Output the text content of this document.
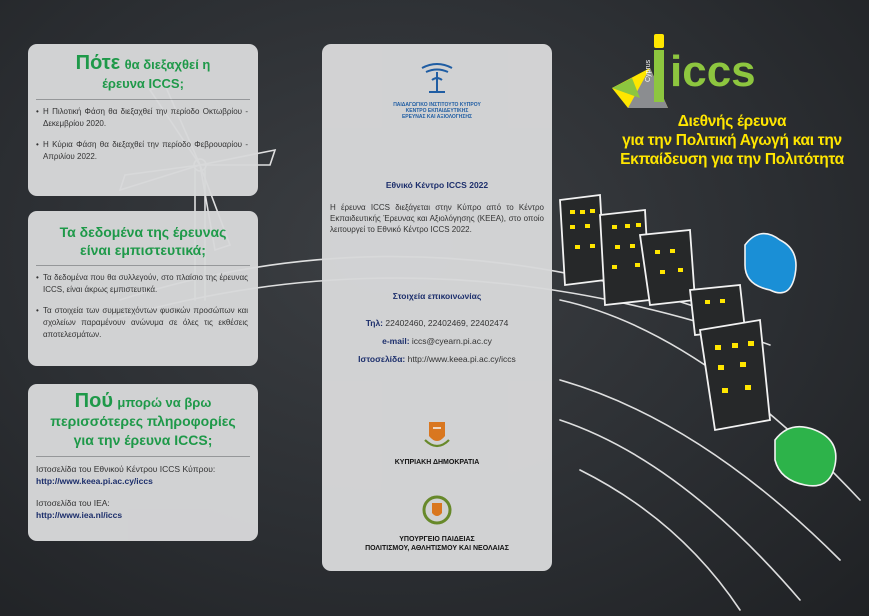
Πότε θα διεξαχθεί η
έρευνα ICCS;
• Η Πιλοτική Φάση θα διεξαχθεί την περίοδο Οκτωβρίου - Δεκεμβρίου 2020.
• Η Κύρια Φάση θα διεξαχθεί την περίοδο Φεβρουαρίου - Απριλίου 2022.
Τα δεδομένα της έρευνας
είναι εμπιστευτικά;
• Τα δεδομένα που θα συλλεγούν, στο πλαίσιο της έρευνας ICCS, είναι άκρως εμπιστευτικά.
• Τα στοιχεία των συμμετεχόντων φυσικών προσώπων και σχολείων παραμένουν ανώνυμα σε όλες τις εκθέσεις αποτελεσμάτων.
Πού μπορώ να βρω
περισσότερες πληροφορίες
για την έρευνα ICCS;
Ιστοσελίδα του Εθνικού Κέντρου ICCS Κύπρου:
http://www.keea.pi.ac.cy/iccs
Ιστοσελίδα του IEA:
http://www.iea.nl/iccs
ΠΑΙΔΑΓΩΓΙΚΟ ΙΝΣΤΙΤΟΥΤΟ ΚΥΠΡΟΥ
ΚΕΝΤΡΟ ΕΚΠΑΙΔΕΥΤΙΚΗΣ
ΕΡΕΥΝΑΣ ΚΑΙ ΑΞΙΟΛΟΓΗΣΗΣ
Εθνικό Κέντρο ICCS 2022
Η έρευνα ICCS διεξάγεται στην Κύπρο από το Κέντρο Εκπαιδευτικής Έρευνας και Αξιολόγησης (ΚΕΕΑ), στο οποίο λειτουργεί το Εθνικό Κέντρο ICCS 2022.
Στοιχεία επικοινωνίας
Τηλ: 22402460, 22402469, 22402474
e-mail: iccs@cyearn.pi.ac.cy
Ιστοσελίδα: http://www.keea.pi.ac.cy/iccs
ΚΥΠΡΙΑΚΗ ΔΗΜΟΚΡΑΤΙΑ
ΥΠΟΥΡΓΕΙΟ ΠΑΙΔΕΙΑΣ
ΠΟΛΙΤΙΣΜΟΥ, ΑΘΛΗΤΙΣΜΟΥ ΚΑΙ ΝΕΟΛΑΙΑΣ
iccs
Cyprus
Διεθνής έρευνα
για την Πολιτική Αγωγή και την
Εκπαίδευση για την Πολιτότητα
